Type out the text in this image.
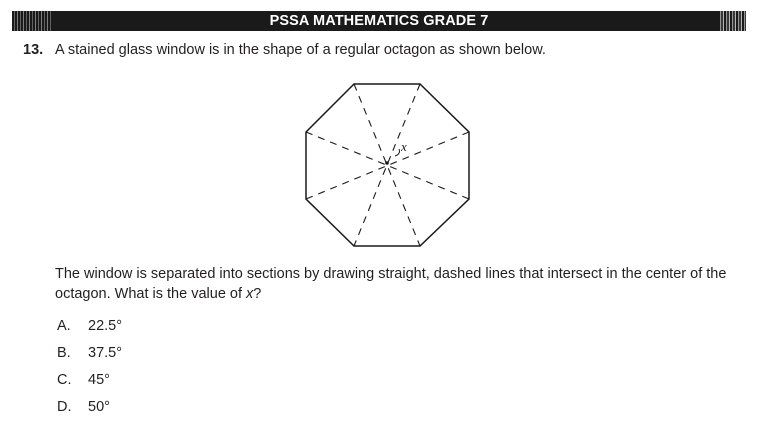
PSSA MATHEMATICS GRADE 7
13. A stained glass window is in the shape of a regular octagon as shown below.
x
The window is separated into sections by drawing straight, dashed lines that intersect in the center of the octagon. What is the value of x?
A. 22.5°
B. 37.5°
C. 45°
D. 50°
